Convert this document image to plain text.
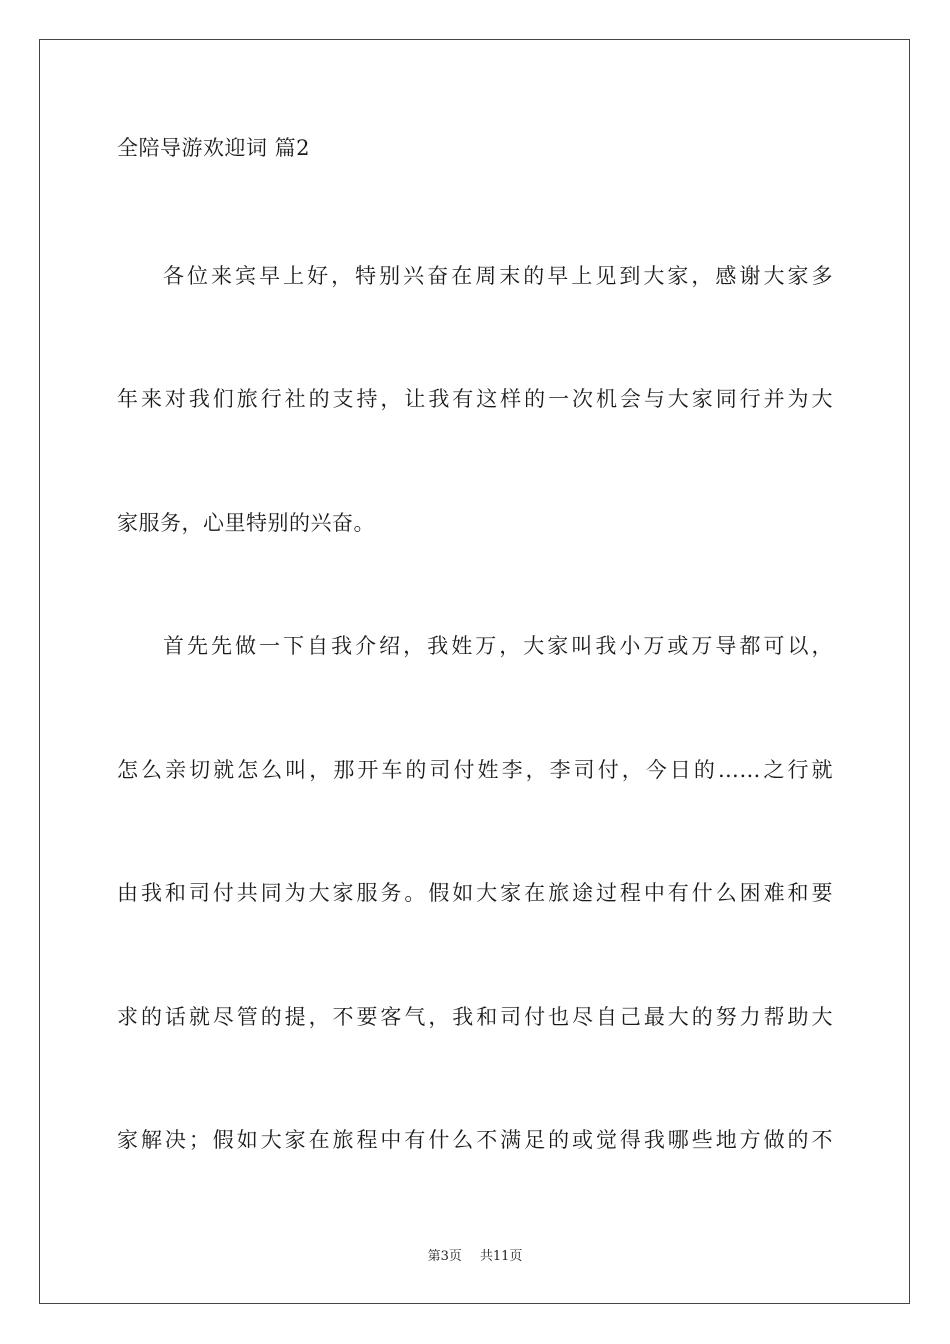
全陪导游欢迎词 篇2
各位来宾早上好，特别兴奋在周末的早上见到大家，感谢大家多
年来对我们旅行社的支持，让我有这样的一次机会与大家同行并为大
家服务，心里特别的兴奋。
首先先做一下自我介绍，我姓万，大家叫我小万或万导都可以，
怎么亲切就怎么叫，那开车的司付姓李，李司付，今日的……之行就
由我和司付共同为大家服务。假如大家在旅途过程中有什么困难和要
求的话就尽管的提，不要客气，我和司付也尽自己最大的努力帮助大
家解决；假如大家在旅程中有什么不满足的或觉得我哪些地方做的不
第3页 共11页
